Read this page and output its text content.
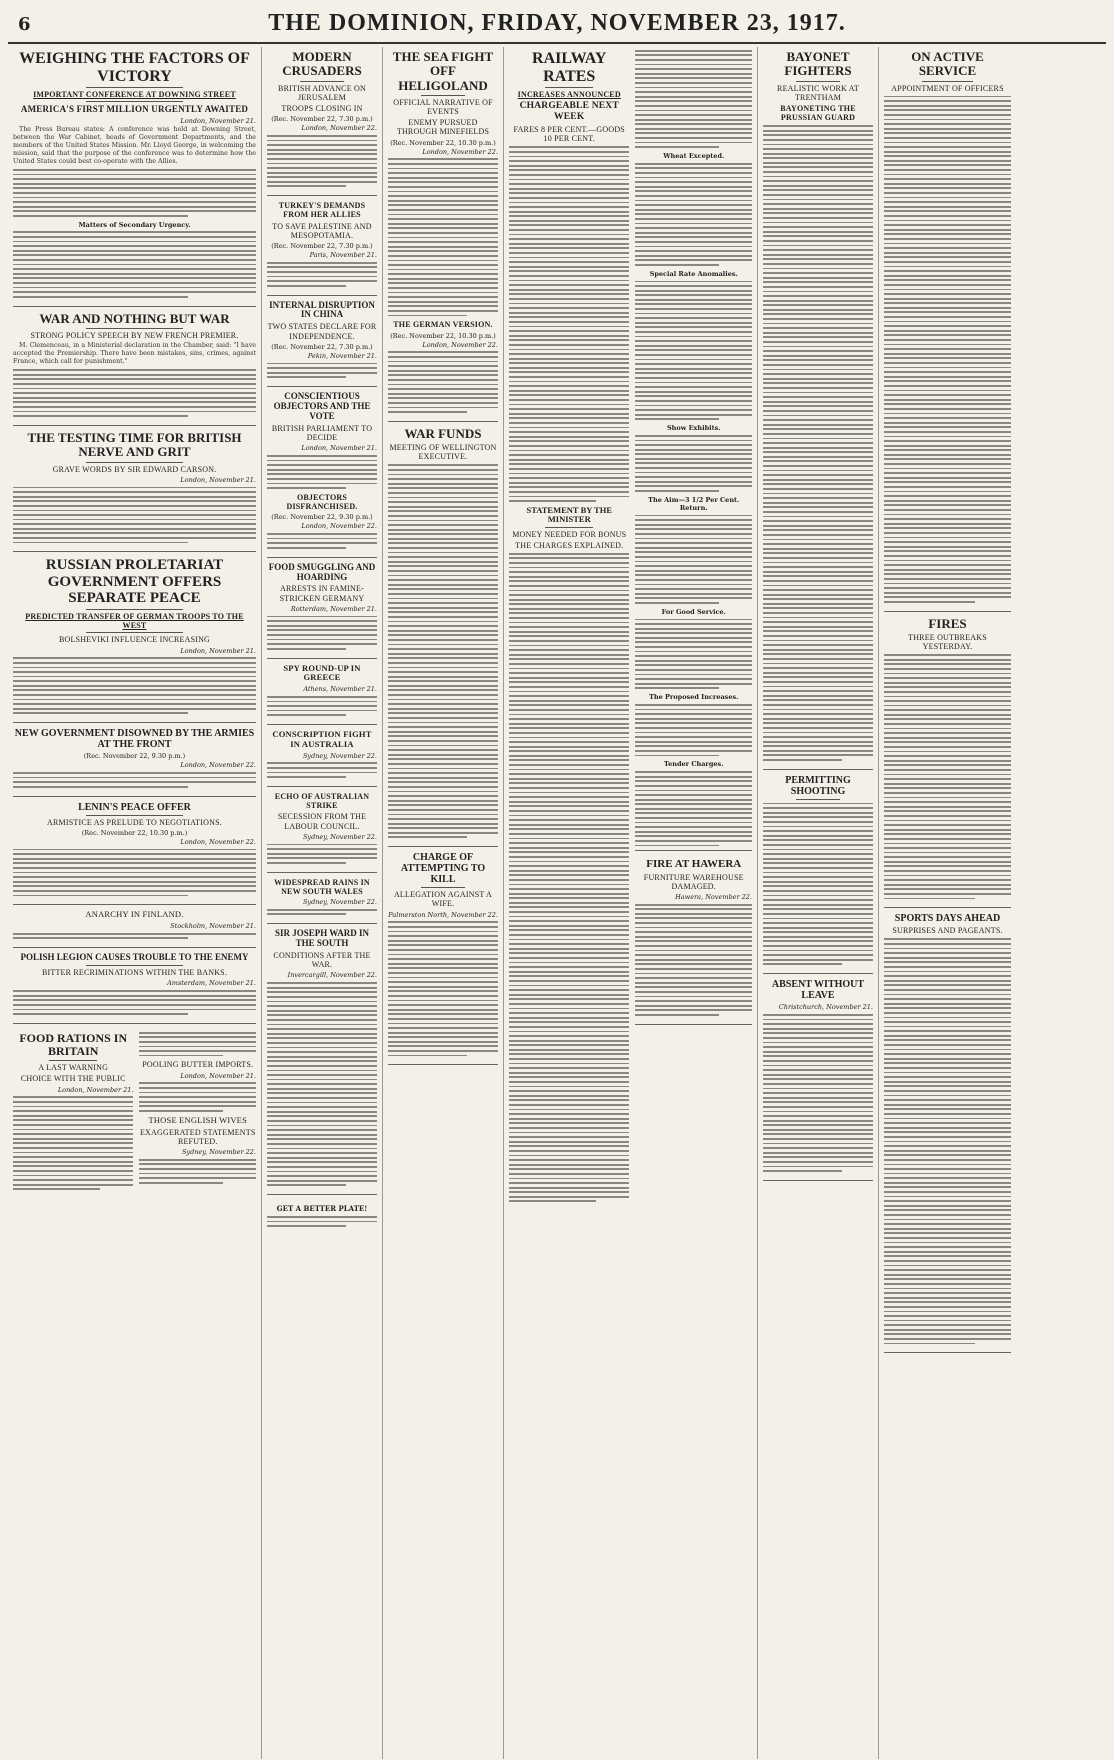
6	THE DOMINION, FRIDAY, NOVEMBER 23, 1917.
WEIGHING THE FACTORS OF VICTORY
IMPORTANT CONFERENCE AT DOWNING STREET
AMERICA'S FIRST MILLION URGENTLY AWAITED
London, November 21.
The Press Bureau states: A conference was held at Downing Street, between the War Cabinet, heads of Government Departments, and the members of the United States Mission. Mr. Lloyd George, in welcoming the mission, said that the purpose of the conference was to determine how the United States could best co-operate with the Allies.
Matters of Secondary Urgency.
WAR AND NOTHING BUT WAR
STRONG POLICY SPEECH BY NEW FRENCH PREMIER.
M. Clemenceau, in a Ministerial declaration in the Chamber, said: "I have accepted the Premiership. There have been mistakes, sins, crimes, against France, which call for punishment."
THE TESTING TIME FOR BRITISH NERVE AND GRIT
GRAVE WORDS BY SIR EDWARD CARSON.
London, November 21.
RUSSIAN PROLETARIAT GOVERNMENT OFFERS SEPARATE PEACE
PREDICTED TRANSFER OF GERMAN TROOPS TO THE WEST
BOLSHEVIKI INFLUENCE INCREASING
London, November 21.
NEW GOVERNMENT DISOWNED BY THE ARMIES AT THE FRONT
(Rec. November 22, 9.30 p.m.)
London, November 22.
LENIN'S PEACE OFFER
ARMISTICE AS PRELUDE TO NEGOTIATIONS.
(Rec. November 22, 10.30 p.m.)
London, November 22.
ANARCHY IN FINLAND.
Stockholm, November 21.
POLISH LEGION CAUSES TROUBLE TO THE ENEMY
BITTER RECRIMINATIONS WITHIN THE BANKS.
Amsterdam, November 21.
FOOD RATIONS IN BRITAIN
A LAST WARNING
CHOICE WITH THE PUBLIC
London, November 21.
POOLING BUTTER IMPORTS.
London, November 21.
THOSE ENGLISH WIVES
EXAGGERATED STATEMENTS REFUTED.
Sydney, November 22.
MODERN CRUSADERS
BRITISH ADVANCE ON JERUSALEM
TROOPS CLOSING IN
(Rec. November 22, 7.30 p.m.)
London, November 22.
TURKEY'S DEMANDS FROM HER ALLIES
TO SAVE PALESTINE AND MESOPOTAMIA.
(Rec. November 22, 7.30 p.m.)
Paris, November 21.
INTERNAL DISRUPTION IN CHINA
TWO STATES DECLARE FOR INDEPENDENCE.
(Rec. November 22, 7.30 p.m.)
Pekin, November 21.
CONSCIENTIOUS OBJECTORS AND THE VOTE
BRITISH PARLIAMENT TO DECIDE
London, November 21.
OBJECTORS DISFRANCHISED.
(Rec. November 22, 9.30 p.m.)
London, November 22.
FOOD SMUGGLING AND HOARDING
ARRESTS IN FAMINE-STRICKEN GERMANY
Rotterdam, November 21.
SPY ROUND-UP IN GREECE
Athens, November 21.
CONSCRIPTION FIGHT IN AUSTRALIA
Sydney, November 22.
ECHO OF AUSTRALIAN STRIKE
SECESSION FROM THE LABOUR COUNCIL.
Sydney, November 22.
WIDESPREAD RAINS IN NEW SOUTH WALES
Sydney, November 22.
SIR JOSEPH WARD IN THE SOUTH
CONDITIONS AFTER THE WAR.
Invercargill, November 22.
GET A BETTER PLATE!
THE SEA FIGHT OFF HELIGOLAND
OFFICIAL NARRATIVE OF EVENTS
ENEMY PURSUED THROUGH MINEFIELDS
(Rec. November 22, 10.30 p.m.)
London, November 22.
THE GERMAN VERSION.
(Rec. November 22, 10.30 p.m.)
London, November 22.
WAR FUNDS
MEETING OF WELLINGTON EXECUTIVE.
CHARGE OF ATTEMPTING TO KILL
ALLEGATION AGAINST A WIFE.
Palmerston North, November 22.
RAILWAY RATES
INCREASES ANNOUNCED
CHARGEABLE NEXT WEEK
FARES 8 PER CENT.—GOODS 10 PER CENT.
STATEMENT BY THE MINISTER
MONEY NEEDED FOR BONUS
THE CHARGES EXPLAINED.
Wheat Excepted.
Special Rate Anomalies.
Show Exhibits.
The Aim—3 1/2 Per Cent. Return.
For Good Service.
The Proposed Increases.
Tender Charges.
FIRE AT HAWERA
FURNITURE WAREHOUSE DAMAGED.
Hawera, November 22.
BAYONET FIGHTERS
REALISTIC WORK AT TRENTHAM
BAYONETING THE PRUSSIAN GUARD
PERMITTING SHOOTING
ABSENT WITHOUT LEAVE
Christchurch, November 21.
ON ACTIVE SERVICE
APPOINTMENT OF OFFICERS
FIRES
THREE OUTBREAKS YESTERDAY.
SPORTS DAYS AHEAD
SURPRISES AND PAGEANTS.
